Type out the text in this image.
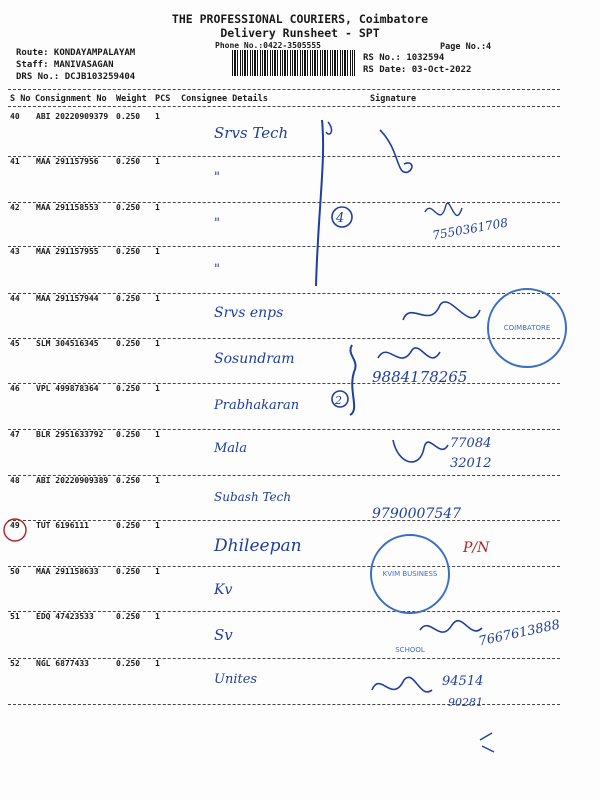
THE PROFESSIONAL COURIERS, Coimbatore
Delivery Runsheet - SPT
Phone No.:0422-3505555	Page No.:4
Route: KONDAYAMPALAYAM
Staff: MANIVASAGAN
DRS No.: DCJB103259404
RS No.: 1032594
RS Date: 03-Oct-2022
S No Consignment No Weight PCS Consignee Details	Signature
40 ABI 20220909379 0.250 1
Srvs Tech
41 MAA 291157956 0.250 1
"
42 MAA 291158553 0.250 1
"
43 MAA 291157955 0.250 1
"
44 MAA 291157944 0.250 1
Srvs enps
45 SLM 304516345 0.250 1
Sosundram
46 VPL 499878364 0.250 1
Prabhakaran
47 BLR 2951633792 0.250 1
Mala
48 ABI 20220909389 0.250 1
Subash Tech
49 TUT 6196111	0.250 1
Dhileepan
50 MAA 291158633 0.250 1
Kv
51 EDQ 47423533	0.250 1
Sv
52 NGL 6877433	0.250 1
Unites
4
2
COIMBATORE
KVIM BUSINESS SCHOOL
7550361708
9884178265
77084
32012
9790007547
P/N
7667613888
94514
90281
